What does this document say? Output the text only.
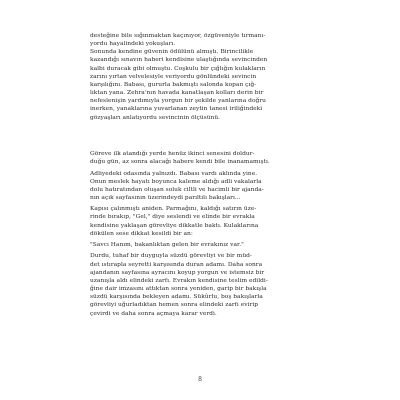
desteğine bile sığınmaktan kaçınıyor, özgüveniyle tırmanı-
yordu hayalindeki yokuşları.

Sonunda kendine güvenin ödülünü almıştı. Birincilikle
kazandığı sınavın haberi kendisine ulaştığında sevincinden
kalbi duracak gibi olmuştu. Coşkulu bir çığlığın kulakların
zarını yırtan velvelesiyle veriyordu gönlündeki sevincin
karşılığını. Babası, gururla bakmıştı salonda kopan çığ-
lıktan yana. Zehra'nın havada kanatlaşan kolları derin bir
nefeslenişin yardımıyla yorgun bir şekilde yanlarına doğru
inerken, yanaklarına yuvarlanan zeytin tanesi iriliğindeki
gözyaşları anlatıyordu sevincinin ölçüsünü.

Göreve ilk atandığı yerde henüz ikinci senesini doldur-
duğu gün, az sonra alacağı habere kendi bile inanamamıştı.

Adliyedeki odasında yalnızdı. Babası vardı aklında yine.
Onun meslek hayatı boyunca kaleme aldığı adli vakalarla
dolu hatıratından oluşan soluk ciltli ve hacimli bir ajanda-
nın açık sayfasının üzerindeydi parıltılı bakışları...

Kapısı çalınmıştı aniden. Parmağını, kaldığı satırın üze-
rinde bırakıp, "Gel," diye seslendi ve elinde bir evrakla
kendisine yaklaşan görevliye dikkatle baktı. Kulaklarına
dökülen sese dikkat kesildi bir an:

"Savcı Hanım, bakanlıktan gelen bir evrakınız var."

Durdu, tuhaf bir duyguyla süzdü görevliyi ve bir müd-
det ıstırapla seyretti karşısında duran adamı. Daha sonra
ajandanın sayfasına ayracını koyup yorgun ve istemsiz bir
uzanışla aldı elindeki zarfı. Evrakın kendisine teslim edildi-
ğine dair imzasını attıktan sonra yeniden, garip bir bakışla
süzdü karşısında bekleyen adamı. Sükûrlu, boş bakışlarla
görevliyi uğurladıktan hemen sonra elindeki zarfı evirip
çevirdi ve daha sonra açmaya karar verdi.

8
